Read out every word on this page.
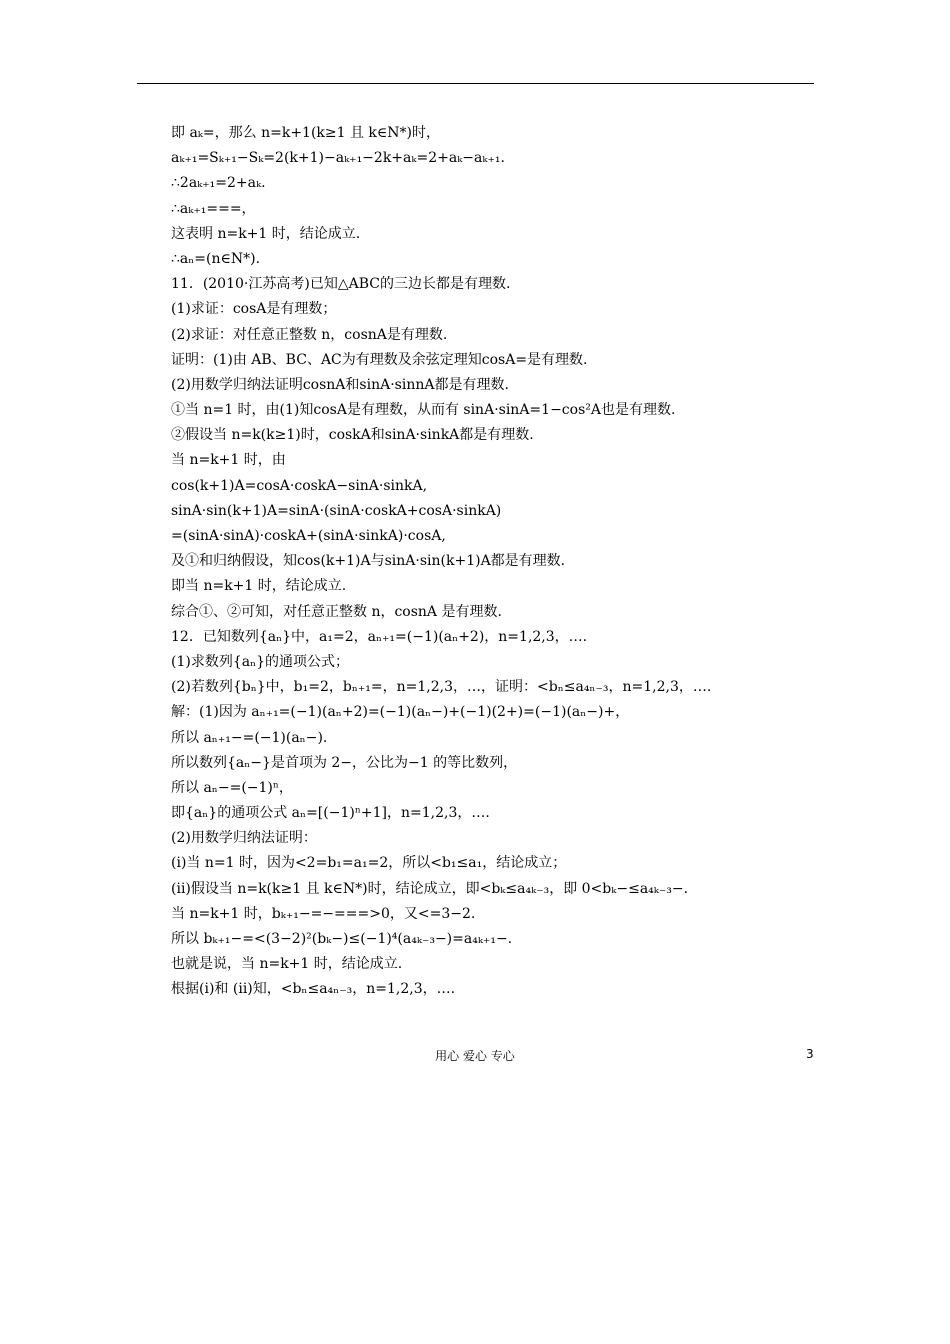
即 aₖ=，那么 n=k+1(k≥1 且 k∈N*)时，
aₖ₊₁=Sₖ₊₁−Sₖ=2(k+1)−aₖ₊₁−2k+aₖ=2+aₖ−aₖ₊₁.
∴2aₖ₊₁=2+aₖ.
∴aₖ₊₁===，
这表明 n=k+1 时，结论成立.
∴aₙ=(n∈N*).
11．(2010·江苏高考)已知△ABC的三边长都是有理数.
(1)求证：cosA是有理数；
(2)求证：对任意正整数 n，cosnA是有理数.
证明：(1)由 AB、BC、AC为有理数及余弦定理知cosA=是有理数.
(2)用数学归纳法证明cosnA和sinA·sinnA都是有理数.
①当 n=1 时，由(1)知cosA是有理数，从而有 sinA·sinA=1−cos²A也是有理数.
②假设当 n=k(k≥1)时，coskA和sinA·sinkA都是有理数.
当 n=k+1 时，由
cos(k+1)A=cosA·coskA−sinA·sinkA,
sinA·sin(k+1)A=sinA·(sinA·coskA+cosA·sinkA)
=(sinA·sinA)·coskA+(sinA·sinkA)·cosA,
及①和归纳假设，知cos(k+1)A与sinA·sin(k+1)A都是有理数.
即当 n=k+1 时，结论成立.
综合①、②可知，对任意正整数 n，cosnA 是有理数.
12．已知数列{aₙ}中，a₁=2，aₙ₊₁=(−1)(aₙ+2)，n=1,2,3，….
(1)求数列{aₙ}的通项公式；
(2)若数列{bₙ}中，b₁=2，bₙ₊₁=，n=1,2,3，…，证明：<bₙ≤a₄ₙ₋₃，n=1,2,3，….
解：(1)因为 aₙ₊₁=(−1)(aₙ+2)=(−1)(aₙ−)+(−1)(2+)=(−1)(aₙ−)+，
所以 aₙ₊₁−=(−1)(aₙ−).
所以数列{aₙ−}是首项为 2−，公比为−1 的等比数列，
所以 aₙ−=(−1)ⁿ，
即{aₙ}的通项公式 aₙ=[(−1)ⁿ+1]，n=1,2,3，….
(2)用数学归纳法证明：
(ⅰ)当 n=1 时，因为<2=b₁=a₁=2，所以<b₁≤a₁，结论成立；
(ⅱ)假设当 n=k(k≥1 且 k∈N*)时，结论成立，即<bₖ≤a₄ₖ₋₃，即 0<bₖ−≤a₄ₖ₋₃−.
当 n=k+1 时，bₖ₊₁−=−===>0，又<=3−2.
所以 bₖ₊₁−=<(3−2)²(bₖ−)≤(−1)⁴(a₄ₖ₋₃−)=a₄ₖ₊₁−.
也就是说，当 n=k+1 时，结论成立.
根据(ⅰ)和 (ⅱ)知，<bₙ≤a₄ₙ₋₃，n=1,2,3，….
用心 爱心 专心	3
